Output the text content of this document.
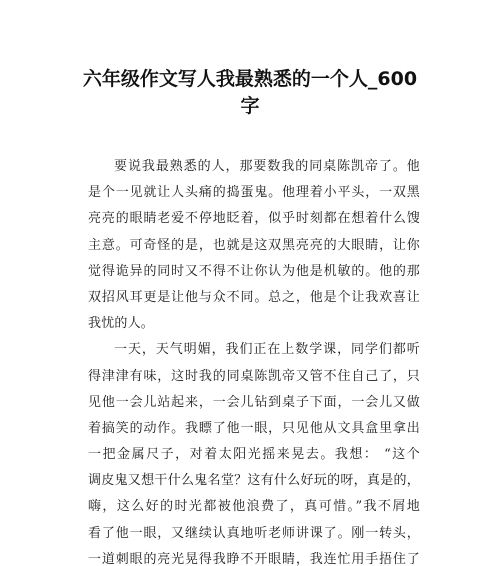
六年级作文写人我最熟悉的一个人_600
字
要说我最熟悉的人，那要数我的同桌陈凯帝了。他
是个一见就让人头痛的捣蛋鬼。他理着小平头，一双黑
亮亮的眼睛老爱不停地眨着，似乎时刻都在想着什么馊
主意。可奇怪的是，也就是这双黑亮亮的大眼睛，让你
觉得诡异的同时又不得不让你认为他是机敏的。他的那
双招风耳更是让他与众不同。总之，他是个让我欢喜让
我忧的人。
一天，天气明媚，我们正在上数学课，同学们都听
得津津有味，这时我的同桌陈凯帝又管不住自己了，只
见他一会儿站起来，一会儿钻到桌子下面，一会儿又做
着搞笑的动作。我瞟了他一眼，只见他从文具盒里拿出
一把金属尺子，对着太阳光摇来晃去。我想： “这个
调皮鬼又想干什么鬼名堂？这有什么好玩的呀，真是的，
嗨，这么好的时光都被他浪费了，真可惜。”我不屑地
看了他一眼，又继续认真地听老师讲课了。刚一转头，
一道刺眼的亮光晃得我睁不开眼睛，我连忙用手捂住了
